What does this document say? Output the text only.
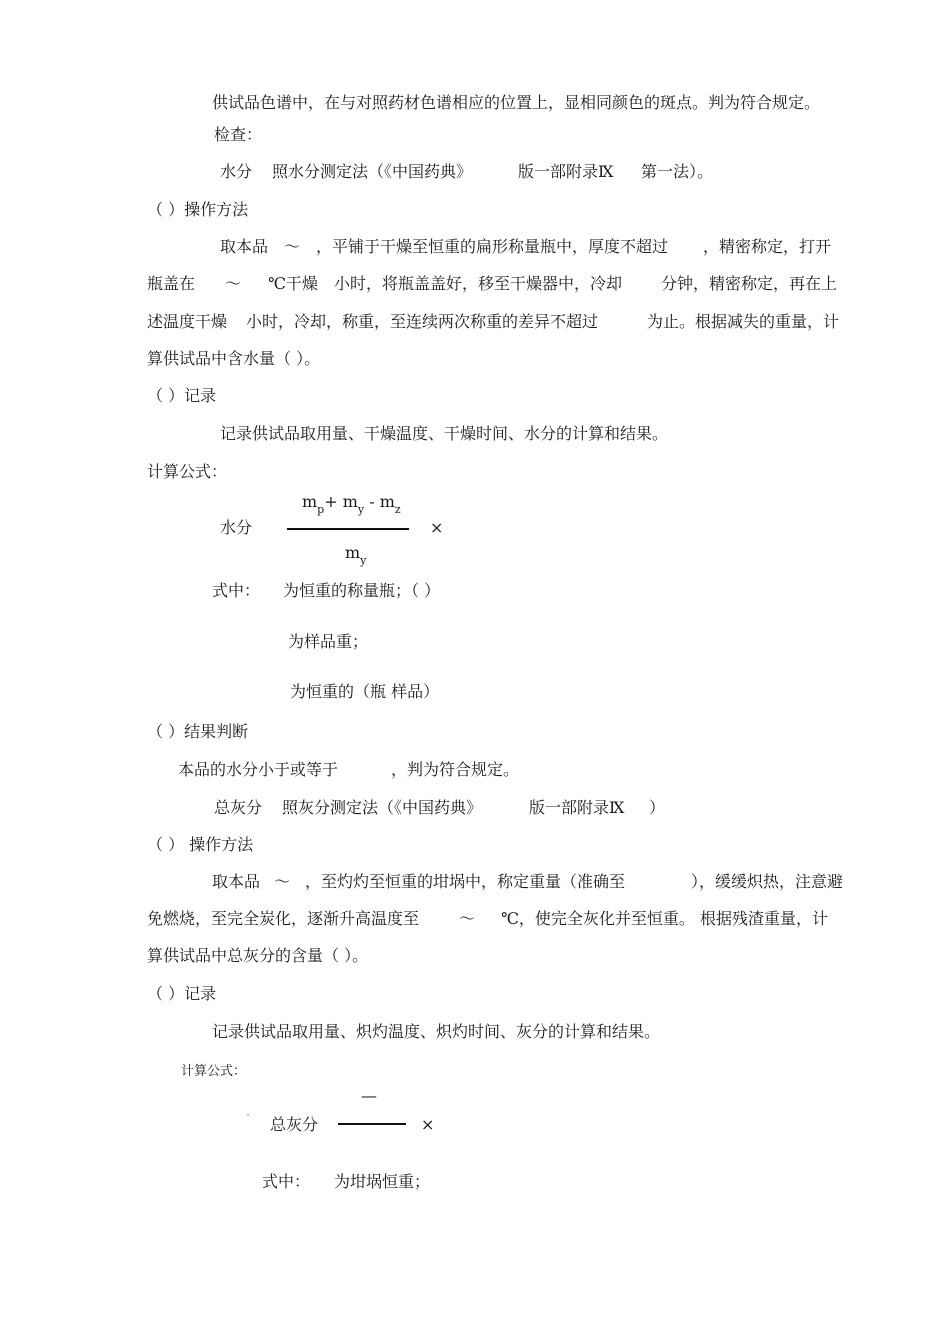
供试品色谱中，在与对照药材色谱相应的位置上，显相同颜色的斑点。判为符合规定。
检查：
水分 照水分测定法（《中国药典》	版一部附录Ⅸ 第一法）。
（ ）操作方法
取本品 ～ ，平铺于干燥至恒重的扁形称量瓶中，厚度不超过 ，精密称定，打开
瓶盖在 ～ ℃干燥 小时，将瓶盖盖好，移至干燥器中，冷却 分钟，精密称定，再在上
述温度干燥 小时，冷却，称重，至连续两次称重的差异不超过	为止。根据减失的重量，计
算供试品中含水量（ ）。
（ ）记录
记录供试品取用量、干燥温度、干燥时间、水分的计算和结果。
计算公式：
$m_p+ m_y - m_z$
水分	×
$m_y$
式中： 为恒重的称量瓶；（ ）
为样品重；
为恒重的（瓶 样品）
（ ）结果判断
本品的水分小于或等于	，判为符合规定。
总灰分 照灰分测定法（《中国药典》	版一部附录Ⅸ ）
（ ） 操作方法
取本品 ～ ，至灼灼至恒重的坩埚中，称定重量（准确至	），缓缓炽热，注意避
免燃烧，至完全炭化，逐渐升高温度至 ～ ℃，使完全灰化并至恒重。 根据残渣重量，计
算供试品中总灰分的含量（ ）。
（ ）记录
记录供试品取用量、炽灼温度、炽灼时间、灰分的计算和结果。
计算公式：
—
· 总灰分	×
式中： 为坩埚恒重；
